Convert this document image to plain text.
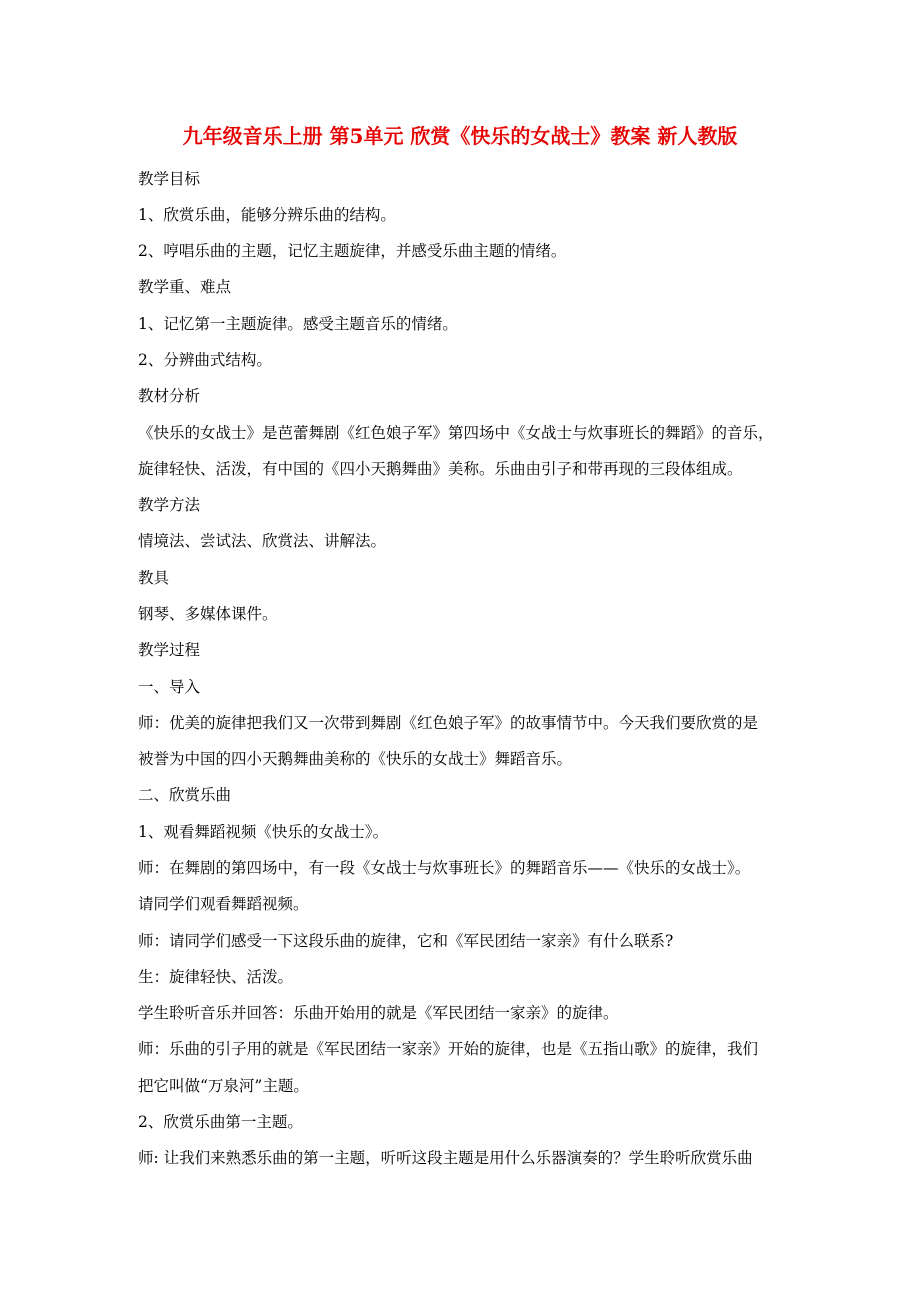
九年级音乐上册 第5单元 欣赏《快乐的女战士》教案 新人教版
教学目标
1、欣赏乐曲，能够分辨乐曲的结构。
2、哼唱乐曲的主题，记忆主题旋律，并感受乐曲主题的情绪。
教学重、难点
1、记忆第一主题旋律。感受主题音乐的情绪。
2、分辨曲式结构。
教材分析
《快乐的女战士》是芭蕾舞剧《红色娘子军》第四场中《女战士与炊事班长的舞蹈》的音乐，
旋律轻快、活泼，有中国的《四小天鹅舞曲》美称。乐曲由引子和带再现的三段体组成。
教学方法
情境法、尝试法、欣赏法、讲解法。
教具
钢琴、多媒体课件。
教学过程
一、导入
师：优美的旋律把我们又一次带到舞剧《红色娘子军》的故事情节中。今天我们要欣赏的是
被誉为中国的四小天鹅舞曲美称的《快乐的女战士》舞蹈音乐。
二、欣赏乐曲
1、观看舞蹈视频《快乐的女战士》。
师：在舞剧的第四场中，有一段《女战士与炊事班长》的舞蹈音乐——《快乐的女战士》。
请同学们观看舞蹈视频。
师：请同学们感受一下这段乐曲的旋律，它和《军民团结一家亲》有什么联系?
生：旋律轻快、活泼。
学生聆听音乐并回答：乐曲开始用的就是《军民团结一家亲》的旋律。
师：乐曲的引子用的就是《军民团结一家亲》开始的旋律，也是《五指山歌》的旋律，我们
把它叫做“万泉河”主题。
2、欣赏乐曲第一主题。
师: 让我们来熟悉乐曲的第一主题，听听这段主题是用什么乐器演奏的？学生聆听欣赏乐曲
